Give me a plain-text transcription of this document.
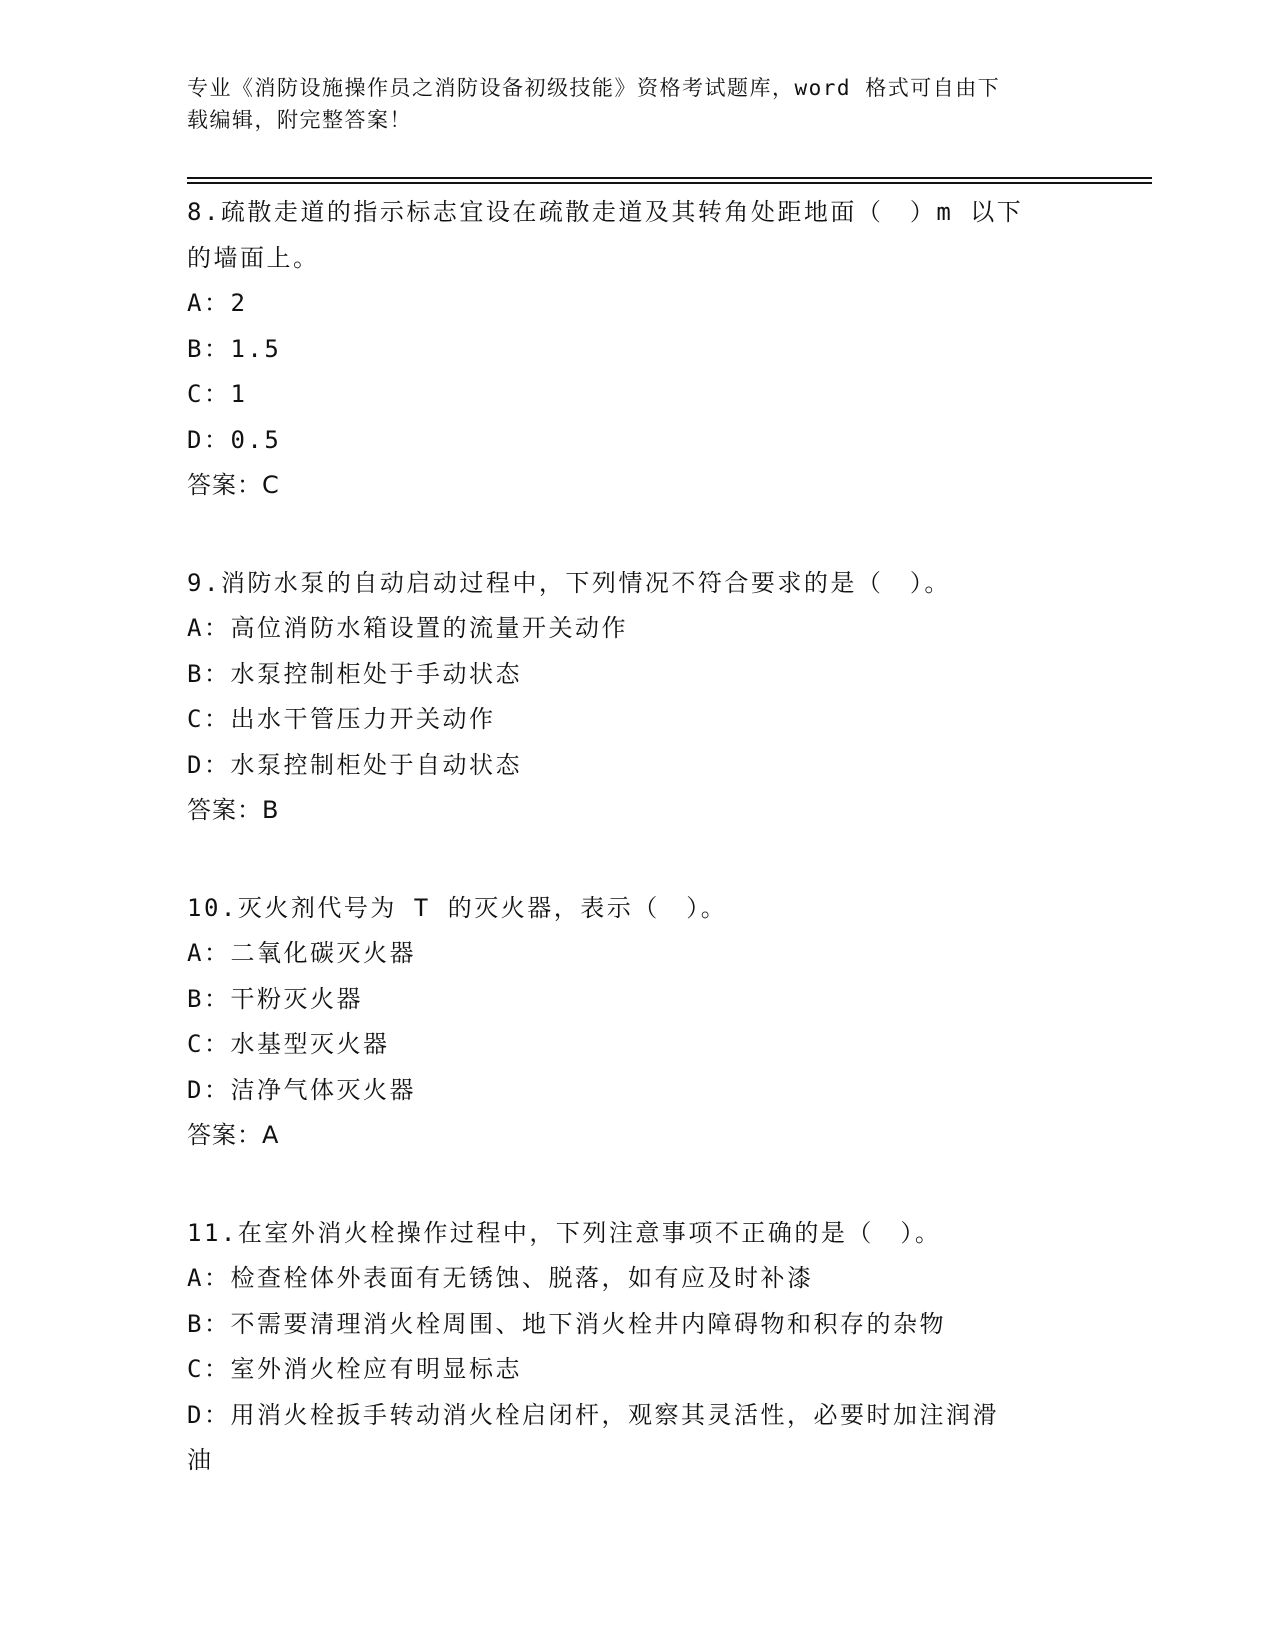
专业《消防设施操作员之消防设备初级技能》资格考试题库，word 格式可自由下
载编辑，附完整答案！
8.疏散走道的指示标志宜设在疏散走道及其转角处距地面（　）m 以下
的墙面上。
A：2
B：1.5
C：1
D：0.5
答案：C
9.消防水泵的自动启动过程中，下列情况不符合要求的是（　）。
A：高位消防水箱设置的流量开关动作
B：水泵控制柜处于手动状态
C：出水干管压力开关动作
D：水泵控制柜处于自动状态
答案：B
10.灭火剂代号为 T 的灭火器，表示（　）。
A：二氧化碳灭火器
B：干粉灭火器
C：水基型灭火器
D：洁净气体灭火器
答案：A
11.在室外消火栓操作过程中，下列注意事项不正确的是（　）。
A：检查栓体外表面有无锈蚀、脱落，如有应及时补漆
B：不需要清理消火栓周围、地下消火栓井内障碍物和积存的杂物
C：室外消火栓应有明显标志
D：用消火栓扳手转动消火栓启闭杆，观察其灵活性，必要时加注润滑
油
